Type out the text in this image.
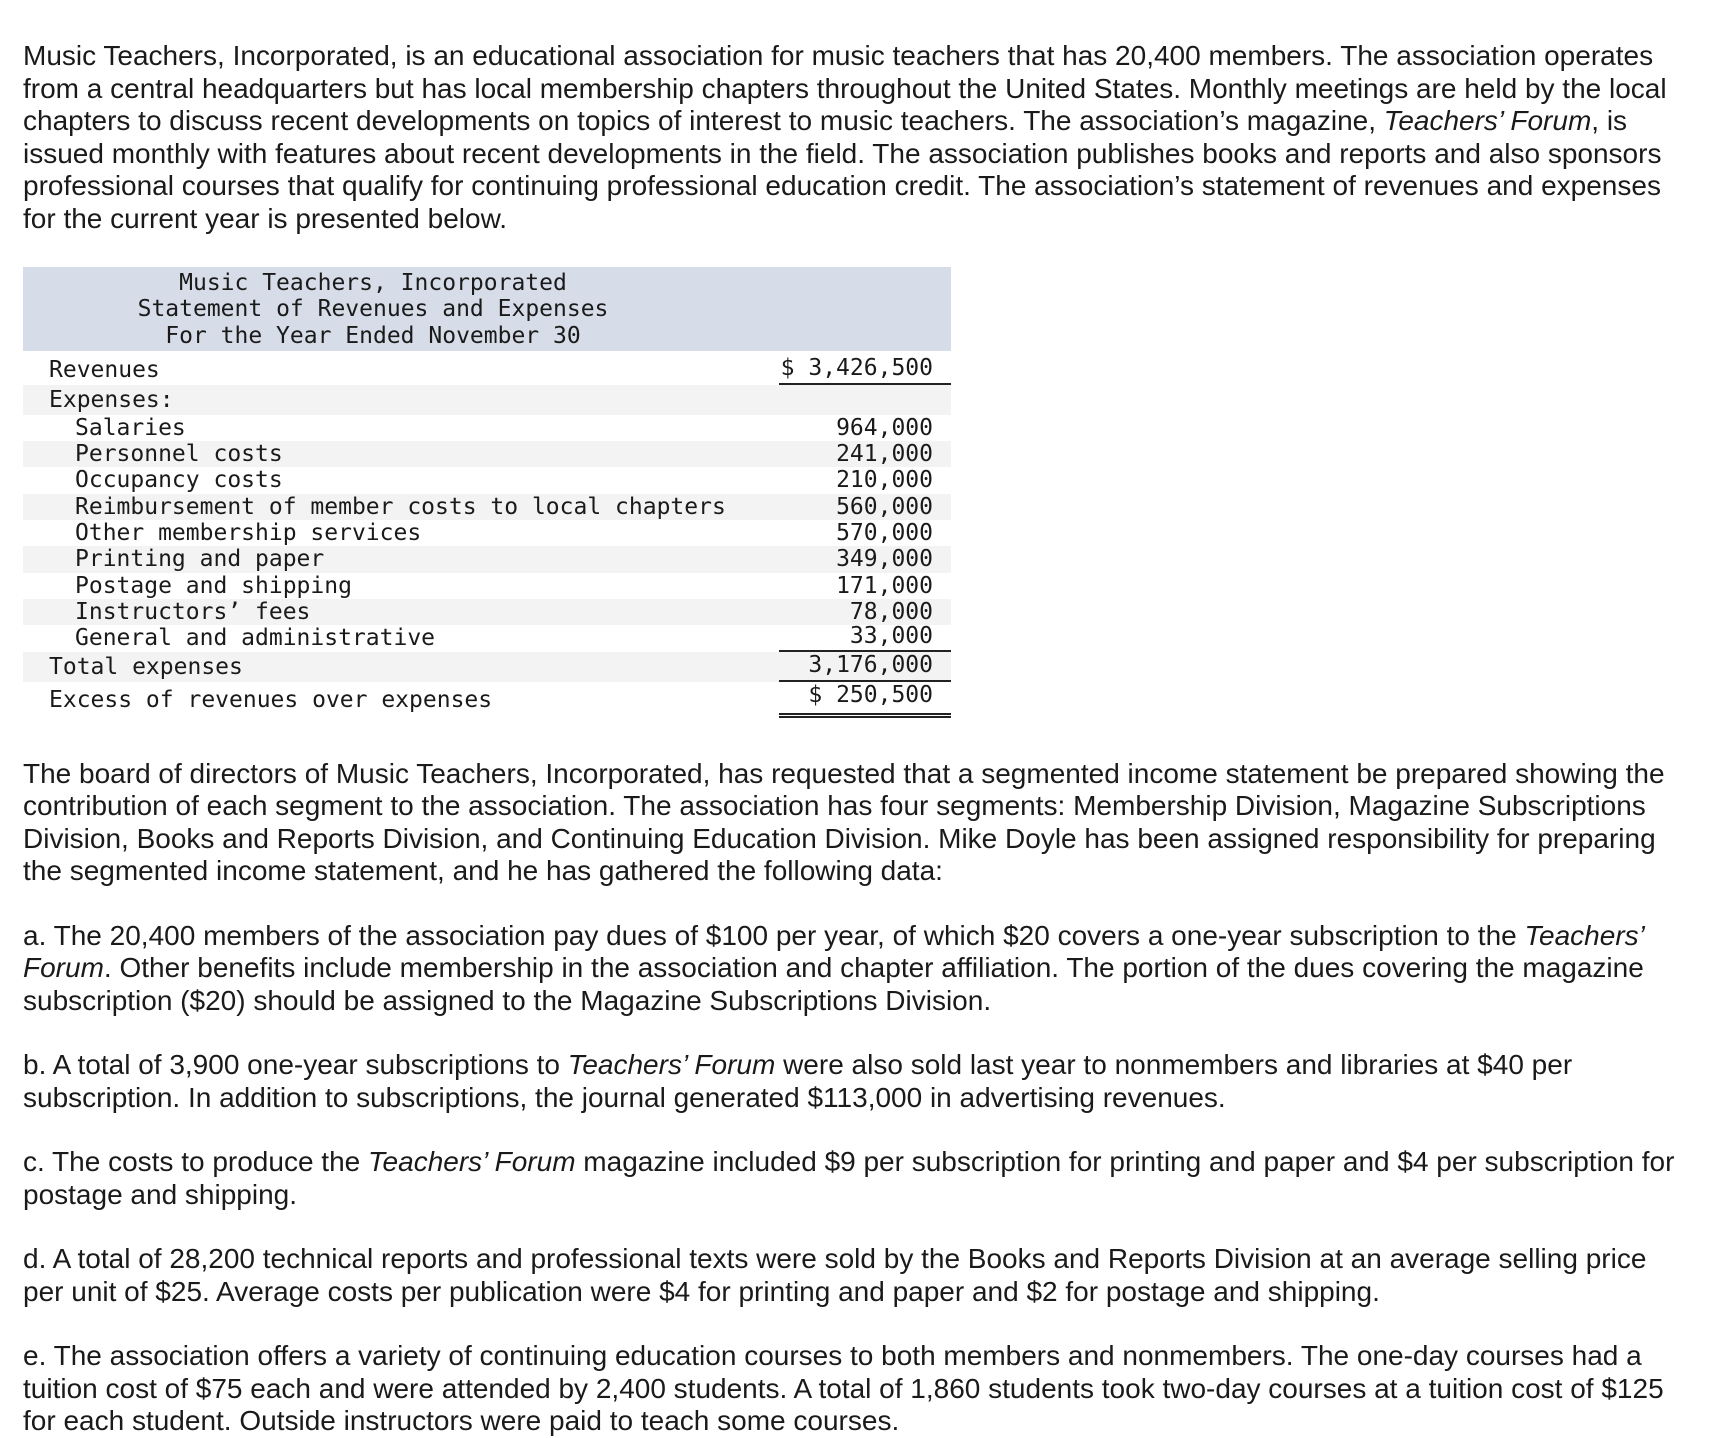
Music Teachers, Incorporated, is an educational association for music teachers that has 20,400 members. The association operates from a central headquarters but has local membership chapters throughout the United States. Monthly meetings are held by the local chapters to discuss recent developments on topics of interest to music teachers. The association’s magazine, Teachers’ Forum, is issued monthly with features about recent developments in the field. The association publishes books and reports and also sponsors professional courses that qualify for continuing professional education credit. The association’s statement of revenues and expenses for the current year is presented below.

Music Teachers, Incorporated
Statement of Revenues and Expenses
For the Year Ended November 30
Revenues	$ 3,426,500
Expenses:
Salaries	964,000
Personnel costs	241,000
Occupancy costs	210,000
Reimbursement of member costs to local chapters	560,000
Other membership services	570,000
Printing and paper	349,000
Postage and shipping	171,000
Instructors’ fees	78,000
General and administrative	33,000
Total expenses	3,176,000
Excess of revenues over expenses	$ 250,500

The board of directors of Music Teachers, Incorporated, has requested that a segmented income statement be prepared showing the contribution of each segment to the association. The association has four segments: Membership Division, Magazine Subscriptions Division, Books and Reports Division, and Continuing Education Division. Mike Doyle has been assigned responsibility for preparing the segmented income statement, and he has gathered the following data:

a. The 20,400 members of the association pay dues of $100 per year, of which $20 covers a one-year subscription to the Teachers’ Forum. Other benefits include membership in the association and chapter affiliation. The portion of the dues covering the magazine subscription ($20) should be assigned to the Magazine Subscriptions Division.

b. A total of 3,900 one-year subscriptions to Teachers’ Forum were also sold last year to nonmembers and libraries at $40 per subscription. In addition to subscriptions, the journal generated $113,000 in advertising revenues.

c. The costs to produce the Teachers’ Forum magazine included $9 per subscription for printing and paper and $4 per subscription for postage and shipping.

d. A total of 28,200 technical reports and professional texts were sold by the Books and Reports Division at an average selling price per unit of $25. Average costs per publication were $4 for printing and paper and $2 for postage and shipping.

e. The association offers a variety of continuing education courses to both members and nonmembers. The one-day courses had a tuition cost of $75 each and were attended by 2,400 students. A total of 1,860 students took two-day courses at a tuition cost of $125 for each student. Outside instructors were paid to teach some courses.
